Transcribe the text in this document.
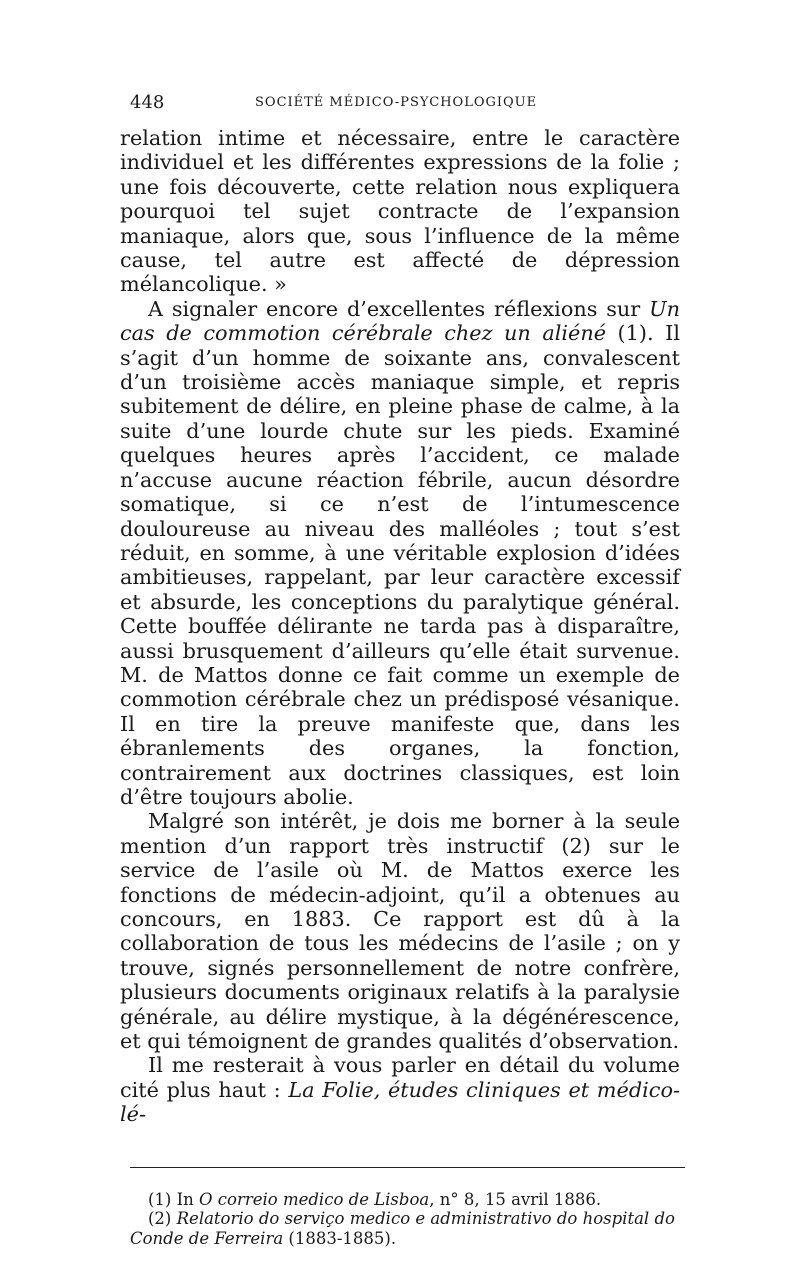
448	SOCIÉTÉ MÉDICO-PSYCHOLOGIQUE

relation intime et nécessaire, entre le caractère individuel et les différentes expressions de la folie ; une fois découverte, cette relation nous expliquera pourquoi tel sujet contracte de l’expansion maniaque, alors que, sous l’influence de la même cause, tel autre est affecté de dépression mélancolique. »

A signaler encore d’excellentes réflexions sur Un cas de commotion cérébrale chez un aliéné (1). Il s’agit d’un homme de soixante ans, convalescent d’un troisième accès maniaque simple, et repris subitement de délire, en pleine phase de calme, à la suite d’une lourde chute sur les pieds. Examiné quelques heures après l’accident, ce malade n’accuse aucune réaction fébrile, aucun désordre somatique, si ce n’est de l’intumescence douloureuse au niveau des malléoles ; tout s’est réduit, en somme, à une véritable explosion d’idées ambitieuses, rappelant, par leur caractère excessif et absurde, les conceptions du paralytique général. Cette bouffée délirante ne tarda pas à disparaître, aussi brusquement d’ailleurs qu’elle était survenue. M. de Mattos donne ce fait comme un exemple de commotion cérébrale chez un prédisposé vésanique. Il en tire la preuve manifeste que, dans les ébranlements des organes, la fonction, contrairement aux doctrines classiques, est loin d’être toujours abolie.

Malgré son intérêt, je dois me borner à la seule mention d’un rapport très instructif (2) sur le service de l’asile où M. de Mattos exerce les fonctions de médecin-adjoint, qu’il a obtenues au concours, en 1883. Ce rapport est dû à la collaboration de tous les médecins de l’asile ; on y trouve, signés personnellement de notre confrère, plusieurs documents originaux relatifs à la paralysie générale, au délire mystique, à la dégénérescence, et qui témoignent de grandes qualités d’observation.

Il me resterait à vous parler en détail du volume cité plus haut : La Folie, études cliniques et médico-lé-

(1) In O correio medico de Lisboa, n° 8, 15 avril 1886.

(2) Relatorio do serviço medico e administrativo do hospital do Conde de Ferreira (1883-1885).
